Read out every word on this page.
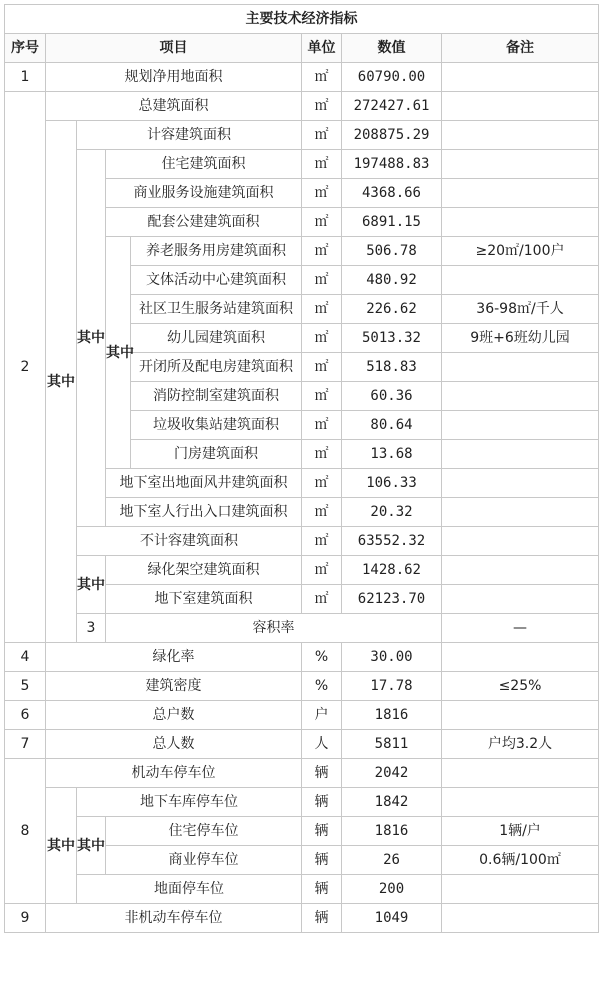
主要技术经济指标								
序号	项目				单位	数值	备注	
1	规划净用地面积				㎡	60790.00		
2	总建筑面积				㎡	272427.61		
	其中	计容建筑面积			㎡	208875.29		
		其中	住宅建筑面积		㎡	197488.83		
			商业服务设施建筑面积		㎡	4368.66		
			配套公建建筑面积		㎡	6891.15		
			其中	养老服务用房建筑面积	㎡	506.78	≥20㎡/100户	
				文体活动中心建筑面积	㎡	480.92		
				社区卫生服务站建筑面积	㎡	226.62	36-98㎡/千人	
				幼儿园建筑面积	㎡	5013.32	9班+6班幼儿园	
				开闭所及配电房建筑面积	㎡	518.83		
				消防控制室建筑面积	㎡	60.36		
				垃圾收集站建筑面积	㎡	80.64		
				门房建筑面积	㎡	13.68		
			地下室出地面风井建筑面积		㎡	106.33		
			地下室人行出入口建筑面积		㎡	20.32		
		不计容建筑面积			㎡	63552.32		
		其中	绿化架空建筑面积		㎡	1428.62		
			地下室建筑面积		㎡	62123.70		
		3	容积率				—		
4	绿化率				%	30.00		
5	建筑密度				%	17.78	≤25%	
6	总户数				户	1816		
7	总人数				人	5811	户均3.2人	
8	机动车停车位				辆	2042		
	其中	地下车库停车位			辆	1842		
		其中	住宅停车位		辆	1816	1辆/户	
			商业停车位		辆	26	0.6辆/100㎡	
		地面停车位			辆	200		
9	非机动车停车位				辆	1049		
